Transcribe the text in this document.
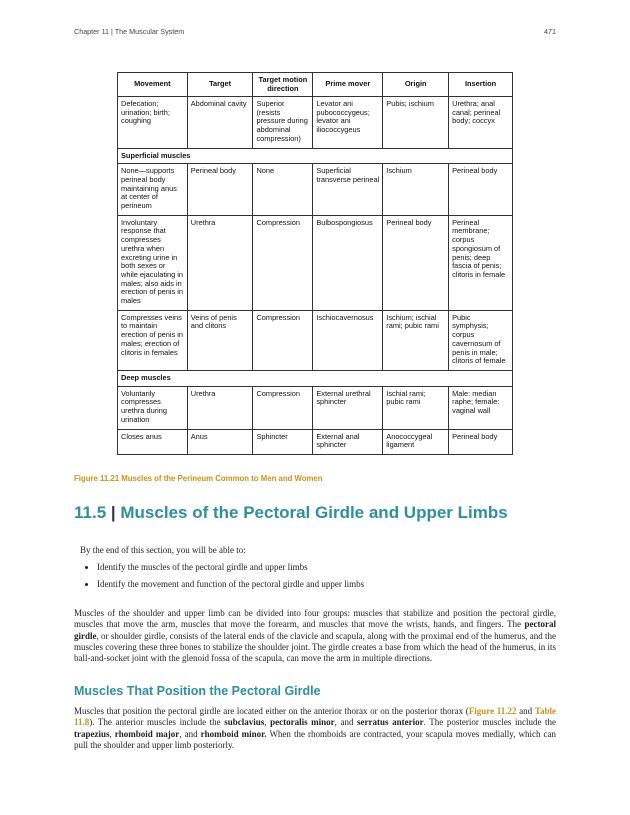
Chapter 11 | The Muscular System	471
Movement	Target	Target motion direction	Prime mover	Origin	Insertion
Defecation; urination; birth; coughing	Abdominal cavity	Superior (resists pressure during abdominal compression)	Levator ani pubococcygeus; levator ani iliococcygeus	Pubis; ischium	Urethra; anal canal; perineal body; coccyx
Superficial muscles					
None—supports perineal body maintaining anus at center of perineum	Perineal body	None	Superficial transverse perineal	Ischium	Perineal body
Involuntary response that compresses urethra when excreting urine in both sexes or while ejaculating in males; also aids in erection of penis in males	Urethra	Compression	Bulbospongiosus	Perineal body	Perineal membrane; corpus spongiosum of penis; deep fascia of penis; clitoris in female
Compresses veins to maintain erection of penis in males; erection of clitoris in females	Veins of penis and clitoris	Compression	Ischiocavernosus	Ischium; ischial rami; pubic rami	Pubic symphysis; corpus cavernosum of penis in male; clitoris of female
Deep muscles					
Voluntarily compresses urethra during urination	Urethra	Compression	External urethral sphincter	Ischial rami; pubic rami	Male: median raphe; female: vaginal wall
Closes anus	Anus	Sphincter	External anal sphincter	Anococcygeal ligament	Perineal body
Figure 11.21 Muscles of the Perineum Common to Men and Women
11.5 | Muscles of the Pectoral Girdle and Upper Limbs
By the end of this section, you will be able to:
• Identify the muscles of the pectoral girdle and upper limbs
• Identify the movement and function of the pectoral girdle and upper limbs
Muscles of the shoulder and upper limb can be divided into four groups: muscles that stabilize and position the pectoral girdle, muscles that move the arm, muscles that move the forearm, and muscles that move the wrists, hands, and fingers. The pectoral girdle, or shoulder girdle, consists of the lateral ends of the clavicle and scapula, along with the proximal end of the humerus, and the muscles covering these three bones to stabilize the shoulder joint. The girdle creates a base from which the head of the humerus, in its ball-and-socket joint with the glenoid fossa of the scapula, can move the arm in multiple directions.
Muscles That Position the Pectoral Girdle
Muscles that position the pectoral girdle are located either on the anterior thorax or on the posterior thorax (Figure 11.22 and Table 11.8). The anterior muscles include the subclavius, pectoralis minor, and serratus anterior. The posterior muscles include the trapezius, rhomboid major, and rhomboid minor. When the rhomboids are contracted, your scapula moves medially, which can pull the shoulder and upper limb posteriorly.
